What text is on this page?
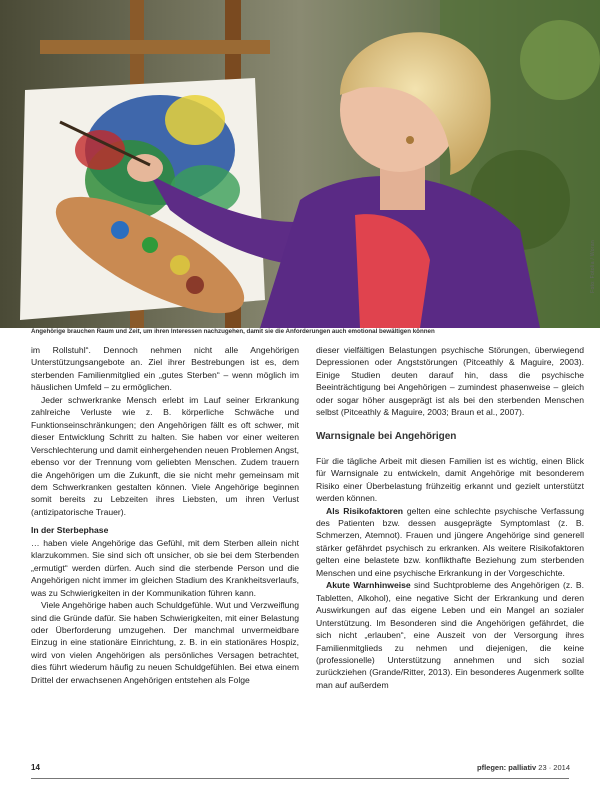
Foto: Fotolia / Woran
Angehörige brauchen Raum und Zeit, um ihren Interessen nachzugehen, damit sie die Anforderungen auch emotional bewältigen können

im Rollstuhl“. Dennoch nehmen nicht alle Angehörigen Unterstützungsangebote an. Ziel ihrer Bestrebungen ist es, dem sterbenden Familienmitglied ein „gutes Sterben“ – wenn möglich im häuslichen Umfeld – zu ermöglichen.

Jeder schwerkranke Mensch erlebt im Lauf seiner Erkrankung zahlreiche Verluste wie z. B. körperliche Schwäche und Funktionseinschränkungen; den Angehörigen fällt es oft schwer, mit dieser Entwicklung Schritt zu halten. Sie haben vor einer weiteren Verschlechterung und damit einhergehenden neuen Problemen Angst, ebenso vor der Trennung vom geliebten Menschen. Zudem trauern die Angehörigen um die Zukunft, die sie nicht mehr gemeinsam mit dem Schwerkranken gestalten können. Viele Angehörige beginnen somit bereits zu Lebzeiten ihres Liebsten, um ihren Verlust (antizipatorische Trauer).

In der Sterbephase

… haben viele Angehörige das Gefühl, mit dem Sterben allein nicht klarzukommen. Sie sind sich oft unsicher, ob sie bei dem Sterbenden „ermutigt“ werden dürfen. Auch sind die sterbende Person und die Angehörigen nicht immer im gleichen Stadium des Krankheitsverlaufs, was zu Schwierigkeiten in der Kommunikation führen kann.

Viele Angehörige haben auch Schuldgefühle. Wut und Verzweiflung sind die Gründe dafür. Sie haben Schwierigkeiten, mit einer Belastung oder Überforderung umzugehen. Der manchmal unvermeidbare Einzug in eine stationäre Einrichtung, z. B. in ein stationäres Hospiz, wird von vielen Angehörigen als persönliches Versagen betrachtet, dies führt wiederum häufig zu neuen Schuldgefühlen. Bei etwa einem Drittel der erwachsenen Angehörigen entstehen als Folge

dieser vielfältigen Belastungen psychische Störungen, überwiegend Depressionen oder Angststörungen (Pitceathly & Maguire, 2003). Einige Studien deuten darauf hin, dass die psychische Beeinträchtigung bei Angehörigen – zumindest phasenweise – gleich oder sogar höher ausgeprägt ist als bei den sterbenden Menschen selbst (Pitceathly & Maguire, 2003; Braun et al., 2007).

Warnsignale bei Angehörigen

Für die tägliche Arbeit mit diesen Familien ist es wichtig, einen Blick für Warnsignale zu entwickeln, damit Angehörige mit besonderem Risiko einer Überbelastung frühzeitig erkannt und gezielt unterstützt werden können.

Als Risikofaktoren gelten eine schlechte psychische Verfassung des Patienten bzw. dessen ausgeprägte Symptomlast (z. B. Schmerzen, Atemnot). Frauen und jüngere Angehörige sind generell stärker gefährdet psychisch zu erkranken. Als weitere Risikofaktoren gelten eine belastete bzw. konflikthafte Beziehung zum sterbenden Menschen und eine psychische Erkrankung in der Vorgeschichte.

Akute Warnhinweise sind Suchtprobleme des Angehörigen (z. B. Tabletten, Alkohol), eine negative Sicht der Erkrankung und deren Auswirkungen auf das eigene Leben und ein Mangel an sozialer Unterstützung. Im Besonderen sind die Angehörigen gefährdet, die sich nicht „erlauben“, eine Auszeit von der Versorgung ihres Familienmitglieds zu nehmen und diejenigen, die keine (professionelle) Unterstützung annehmen und sich sozial zurückziehen (Grande/Ritter, 2013). Ein besonderes Augenmerk sollte man auf außerdem

14	pflegen: palliativ 23 · 2014
